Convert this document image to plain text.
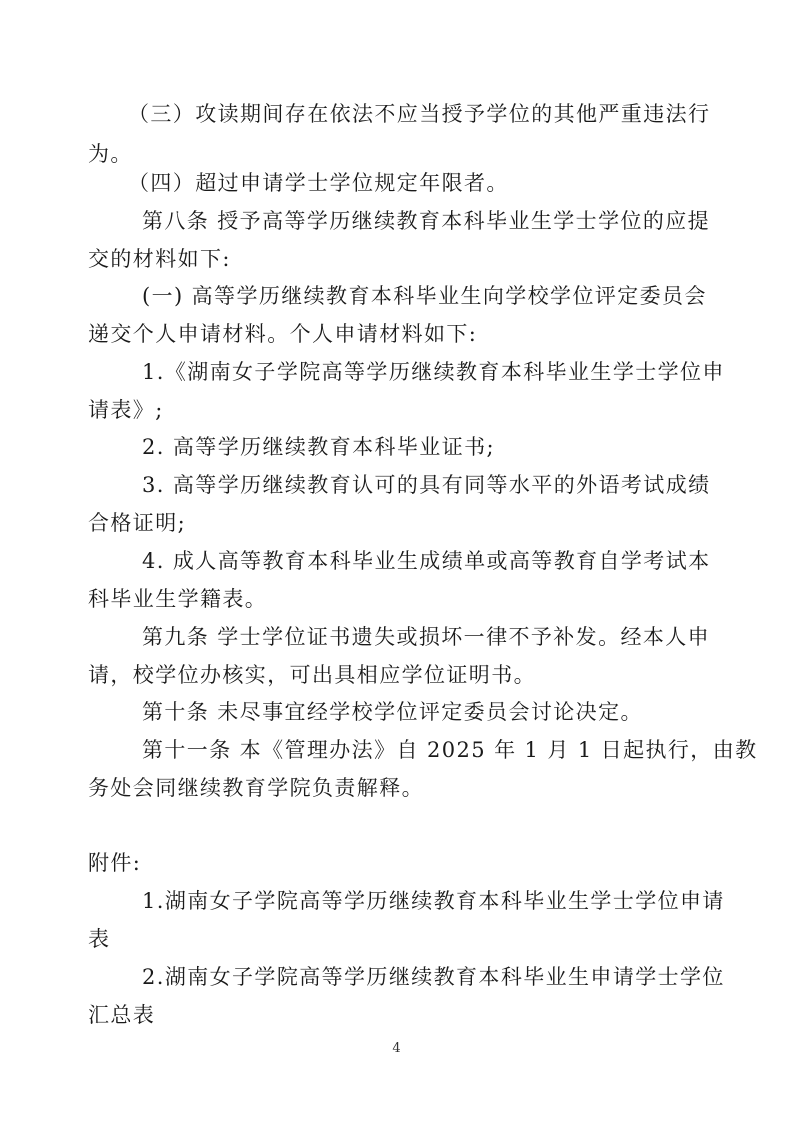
（三）攻读期间存在依法不应当授予学位的其他严重违法行

为。

（四）超过申请学士学位规定年限者。

第八条 授予高等学历继续教育本科毕业生学士学位的应提

交的材料如下:

(一) 高等学历继续教育本科毕业生向学校学位评定委员会

递交个人申请材料。个人申请材料如下:

1.《湖南女子学院高等学历继续教育本科毕业生学士学位申

请表》;

2. 高等学历继续教育本科毕业证书;

3. 高等学历继续教育认可的具有同等水平的外语考试成绩

合格证明;

4. 成人高等教育本科毕业生成绩单或高等教育自学考试本

科毕业生学籍表。

第九条 学士学位证书遗失或损坏一律不予补发。经本人申

请，校学位办核实，可出具相应学位证明书。

第十条 未尽事宜经学校学位评定委员会讨论决定。

第十一条 本《管理办法》自 2025 年 1 月 1 日起执行，由教

务处会同继续教育学院负责解释。

附件:

1.湖南女子学院高等学历继续教育本科毕业生学士学位申请

表

2.湖南女子学院高等学历继续教育本科毕业生申请学士学位

汇总表

4
